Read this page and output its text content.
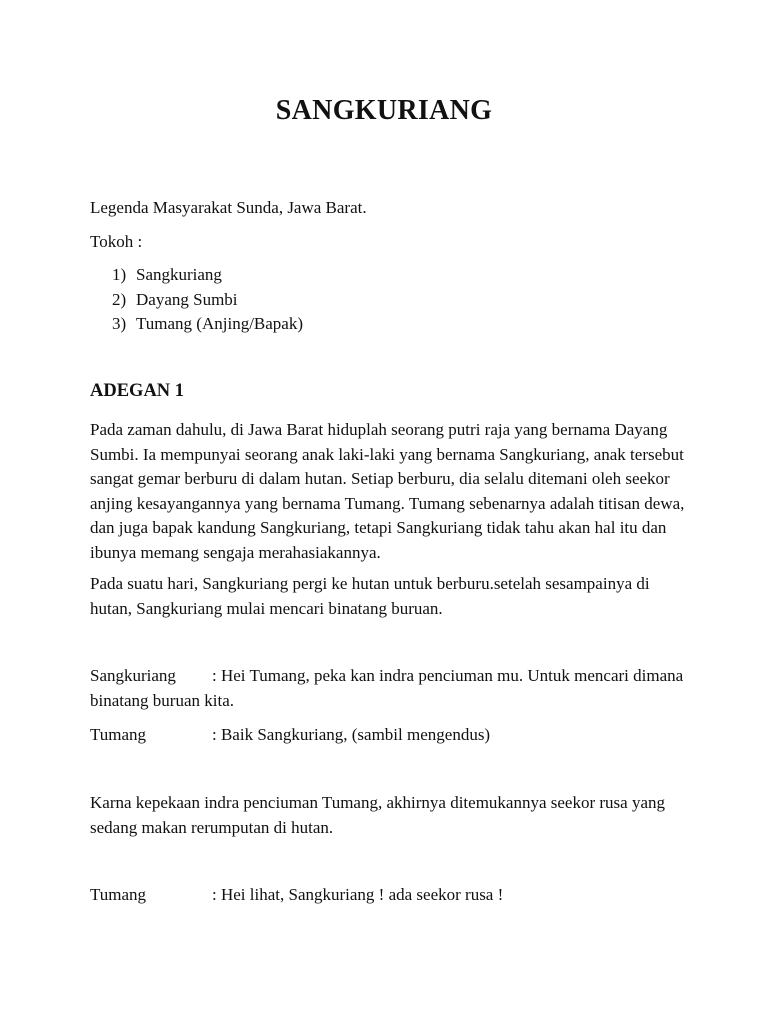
SANGKURIANG

Legenda Masyarakat Sunda, Jawa Barat.

Tokoh :

1) Sangkuriang
2) Dayang Sumbi
3) Tumang (Anjing/Bapak)
ADEGAN 1

Pada zaman dahulu, di Jawa Barat hiduplah seorang putri raja yang bernama Dayang Sumbi. Ia mempunyai seorang anak laki-laki yang bernama Sangkuriang, anak tersebut sangat gemar berburu di dalam hutan. Setiap berburu, dia selalu ditemani oleh seekor anjing kesayangannya yang bernama Tumang. Tumang sebenarnya adalah titisan dewa, dan juga bapak kandung Sangkuriang, tetapi Sangkuriang tidak tahu akan hal itu dan ibunya memang sengaja merahasiakannya.

Pada suatu hari, Sangkuriang pergi ke hutan untuk berburu.setelah sesampainya di hutan, Sangkuriang mulai mencari binatang buruan.

Sangkuriang : Hei Tumang, peka kan indra penciuman mu. Untuk mencari dimana binatang buruan kita.

Tumang	: Baik Sangkuriang, (sambil mengendus)

Karna kepekaan indra penciuman Tumang, akhirnya ditemukannya seekor rusa yang sedang makan rerumputan di hutan.

Tumang	: Hei lihat, Sangkuriang ! ada seekor rusa !
